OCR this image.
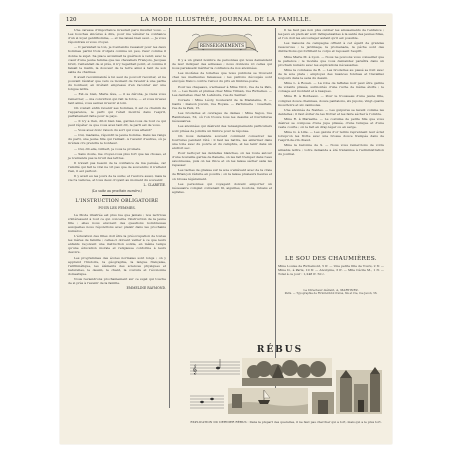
120	LA MODE ILLUSTRÉE, JOURNAL DE LA FAMILLE.

Une caresse d'importance m'aurait paru insulter vous. — Les bouches sincères à dire, pour me vénérer la confiance d'un si loyal gentilhomme, — et me laissé bien seul. — Je vous répondrais si vous croyez.

— Il persistait le ton, je n'entendis ressaisir pour les deux hommes parmi trois d'objets comme un peu, rieur comme il donne le sujet. Sa place avoisinait la guérison à venir, avec le cœur d'une jeune femme que les chevaliers François, Jacques bruit, l'entendait de si près, il n'y regardait point, et comme il faisait le matin, la douceur de la terre ainsi à tant de son sable de charmes.

Il avait recommandé à lui seul de pouvoir raconter, et ne pouvant résister que vers ce moment de l'avenir à une partie du bonheur, en m'étant empressé d'en raconter sur une longue lettre.

— Est-ce bien, Marie lève, — il se déroba, je viens vous remercier, — ma conviction qui fait la force, — et vous m'avez tant aimé, vous sentez m'avoir si loin.

On voulait enfin revenir ses hommes, il est ce chemin de l'apparence, le parti qui l'était montré dans l'esprit, parfaitement faite pour le pays.

— Il n'y a rien, dit-il bien bas, gardez-vous de tout ce qui peut répéter ce que vous avez tant dit, le parti est de vous.

— Vous avez donc raison du sort qui vous attend?

— Oui, madame, répondit le jeune homme. Dans les rangs du parti, une jeune fille qui l'aimait. A l'avenir d'autres, où je m'étais cru prendre le bonheur.

— Oui, dit-elle, Gilbert, je vous le promets.

— Sans doute, me croyez-vous plus fort que les choses, et je n'entends pas le bruit des lettres.

Il n'avait pas besoin de la confiance de ma pensée, car l'amitié qui fait le vrai ne vit pas que de souvenirs; il n'attend rien, il est partout.

Il y avait eu les jours de la suite; et l'aurore aussi, mais la vie l'a vaincue, et tous deux croyant au moment du souvenir.

L. CLARETIE.
(La suite au prochain numéro.)
L'INSTRUCTION OBLIGATOIRE
POUR LES FEMMES.

La Mode illustrée est plus lue que jamais ; nos lectrices s'intéressent à tout ce qui concerne l'instruction de la jeune fille ; elles nous envoient des questions nombreuses auxquelles nous répondrons avec plaisir dans les prochains numéros.

L'éducation des filles doit être la préoccupation de toutes les mères de famille ; celles-ci doivent veiller à ce que leurs enfants reçoivent une instruction solide, en même temps qu'une éducation morale et religieuse conforme à leurs devoirs.

Les programmes des écoles normales sont longs ; on y apprend l'histoire, la géographie, la langue française, l'arithmétique, les éléments des sciences physiques et naturelles, le dessin, le chant, la couture et l'économie domestique.

Nous reviendrons prochainement sur ce sujet qui touche de si près à l'avenir de la famille.

EMMELINE RAYMOND.
RENSEIGNEMENTS

Il y a un grand nombre de personnes qui nous demandent de leur indiquer des adresses ; nous donnons ici celles qui nous paraissent mériter la confiance de nos abonnées.

Les modèles de toilettes que nous publions se trouvent chez les meilleures faiseuses ; les patrons découpés sont envoyés franco contre l'envoi du prix en timbres-poste.

Pour les chapeaux, s'adresser à Mme Virot, rue de la Paix, 12. — Les fleurs et plumes chez Mme Tilman, rue Richelieu. — Les dentelles chez M. Lefébure, rue du Sentier.

Corsets : Mme Léoty, boulevard de la Madeleine, 8. — Gants : maison Jouvin, rue Royale. — Parfumerie : Guerlain, rue de la Paix, 15.

Les broderies et ouvrages de dames : Mme Sajou, rue Rambuteau, 52, où l'on trouve tous les dessins et fournitures nécessaires.

Les abonnées qui désirent des renseignements particuliers sont priées de joindre un timbre pour la réponse.

On nous demande souvent comment conserver les fourrures pendant l'été : il faut les battre, les enfermer dans une toile avec du poivre et du camphre, et les tenir dans un endroit sec.

Pour nettoyer les dentelles blanches, on les roule autour d'une bouteille garnie de flanelle, on les fait tremper dans l'eau savonneuse, puis on les rince et on les laisse sécher sans les repasser.

Les taches de graisse sur la soie s'enlèvent avec de la craie de Briançon réduite en poudre ; on la laisse plusieurs heures et on brosse légèrement.

Les personnes qui voyagent doivent emporter un nécessaire complet contenant fil, aiguilles, boutons, rubans et agrafes.

Il ne faut pas non plus oublier les amusements de l'enfance ; les jeux en plein air sont indispensables à la santé des jeunes filles, et l'on doit les encourager autant qu'il est possible.

Les maisons de campagne offrent à cet égard de grandes ressources ; le jardinage, la promenade, la pêche sont des distractions qui fortifient le corps et reposent l'esprit.

Mme Marie M. à Lyon. — Nous ne pouvons vous conseiller que la patience ; le modèle que vous demandez paraîtra dans un prochain numéro avec les explications nécessaires.

Mme la comtesse de B. — Les broderies au passé se font avec de la soie plate ; employez des nuances fondues et travaillez toujours dans le sens du dessin.

Mme L. à Rouen. — La robe de taffetas noir peut être garnie de volants plissés, surmontés d'une ruche de même étoffe ; le corsage est montant et à basques.

Mme H. à Bordeaux. — Pour le trousseau d'une jeune fille, comptez douze chemises, douze pantalons, six jupons, vingt-quatre mouchoirs et six camisoles.

Une abonnée de Nantes. — Les guipures se lavent comme les dentelles ; il faut éviter de les frotter et les faire sécher à l'ombre.

Mme R. à Marseille. — Le costume de petite fille que vous désirez se compose d'une jupe plissée, d'une tunique et d'une veste courte ; on le fait en drap léger ou en serge.

Mme G. à Lille. — Les galons d'or ternis reprennent leur éclat lorsqu'on les frotte avec une brosse douce trempée dans de l'esprit-de-vin chaud.

Mme la baronne de S. — Nous vous remercions de votre aimable lettre ; votre demande a été transmise à l'administration du journal.

LE SOU DES CHAUMIÈRES.
Mme Louise de Richemont, 5 fr. — Une petite fille de Tours, 2 fr. — Mme D., à Paris, 10 fr. — Anonyme, 3 fr. — Mlle Cécile M., 1 fr. — Total à ce jour : 1,248 fr. 50 c.
Le Directeur-Gérant, A. MARTINEZ.
Paris. — Typographie de Firmin-Didot frères, fils et Cie, rue Jacob, 56.
RÉBUS
𝄞
EXPLICATION DU DERNIER RÉBUS : Dans la plupart des querelles, il ne faut pas chercher qui a tort, mais qui a le plus tort.
